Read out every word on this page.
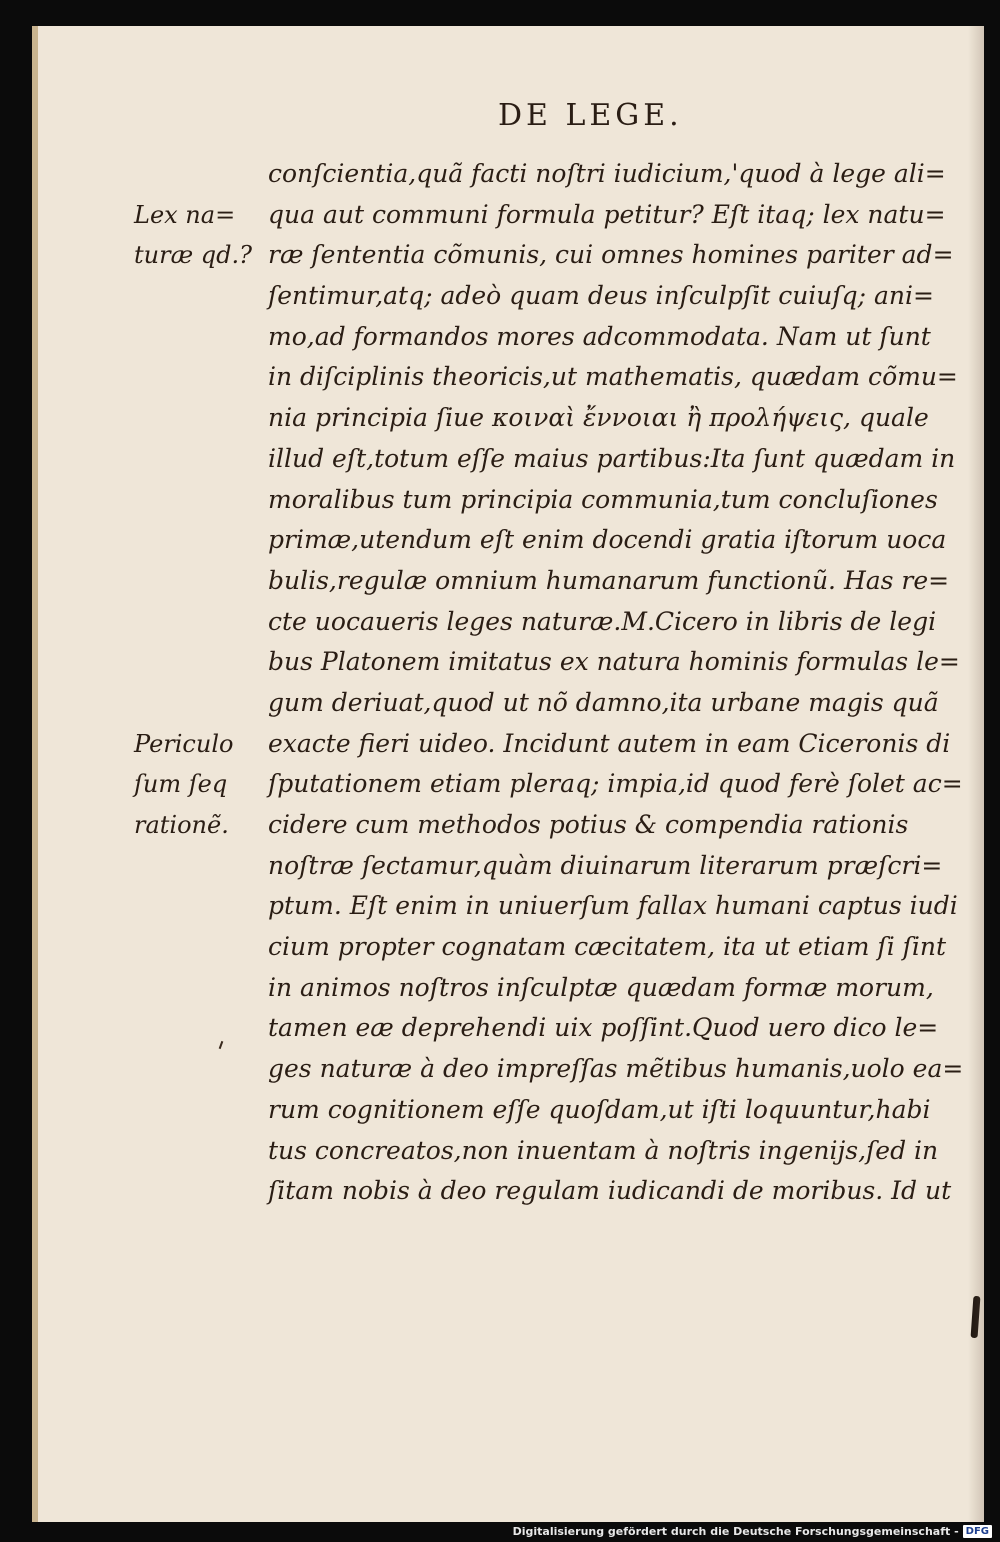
DE LEGE.
conſcientia,quã facti noſtri iudicium,'quod à lege ali=
qua aut communi formula petitur? Eſt itaq; lex natu=
ræ ſententia cõmunis, cui omnes homines pariter ad=
ſentimur,atq; adeò quam deus inſculpſit cuiuſq; ani=
mo,ad formandos mores adcommodata. Nam ut ſunt
in diſciplinis theoricis,ut mathematis, quædam cõmu=
nia principia ſiue κοιναὶ ἔννοιαι ἢ προλήψεις, quale
illud eſt,totum eſſe maius partibus:Ita ſunt quædam in
moralibus tum principia communia,tum concluſiones
primæ,utendum eſt enim docendi gratia iſtorum uoca
bulis,regulæ omnium humanarum functionũ. Has re=
cte uocaueris leges naturæ.M.Cicero in libris de legi
bus Platonem imitatus ex natura hominis formulas le=
gum deriuat,quod ut nõ damno,ita urbane magis quã
exacte fieri uideo. Incidunt autem in eam Ciceronis di
ſputationem etiam pleraq; impia,id quod ferè ſolet ac=
cidere cum methodos potius & compendia rationis
noſtræ ſectamur,quàm diuinarum literarum præſcri=
ptum. Eſt enim in uniuerſum fallax humani captus iudi
cium propter cognatam cæcitatem, ita ut etiam ſi ſint
in animos noſtros inſculptæ quædam formæ morum,
tamen eæ deprehendi uix poſſint.Quod uero dico le=
ges naturæ à deo impreſſas mẽtibus humanis,uolo ea=
rum cognitionem eſſe quoſdam,ut iſti loquuntur,habi
tus concreatos,non inuentam à noſtris ingenijs,ſed in
ſitam nobis à deo regulam iudicandi de moribus. Id ut
Lex na=
turæ qd.?
Periculo
ſum ſeq
rationẽ.
Digitalisierung gefördert durch die Deutsche Forschungsgemeinschaft - DFG
